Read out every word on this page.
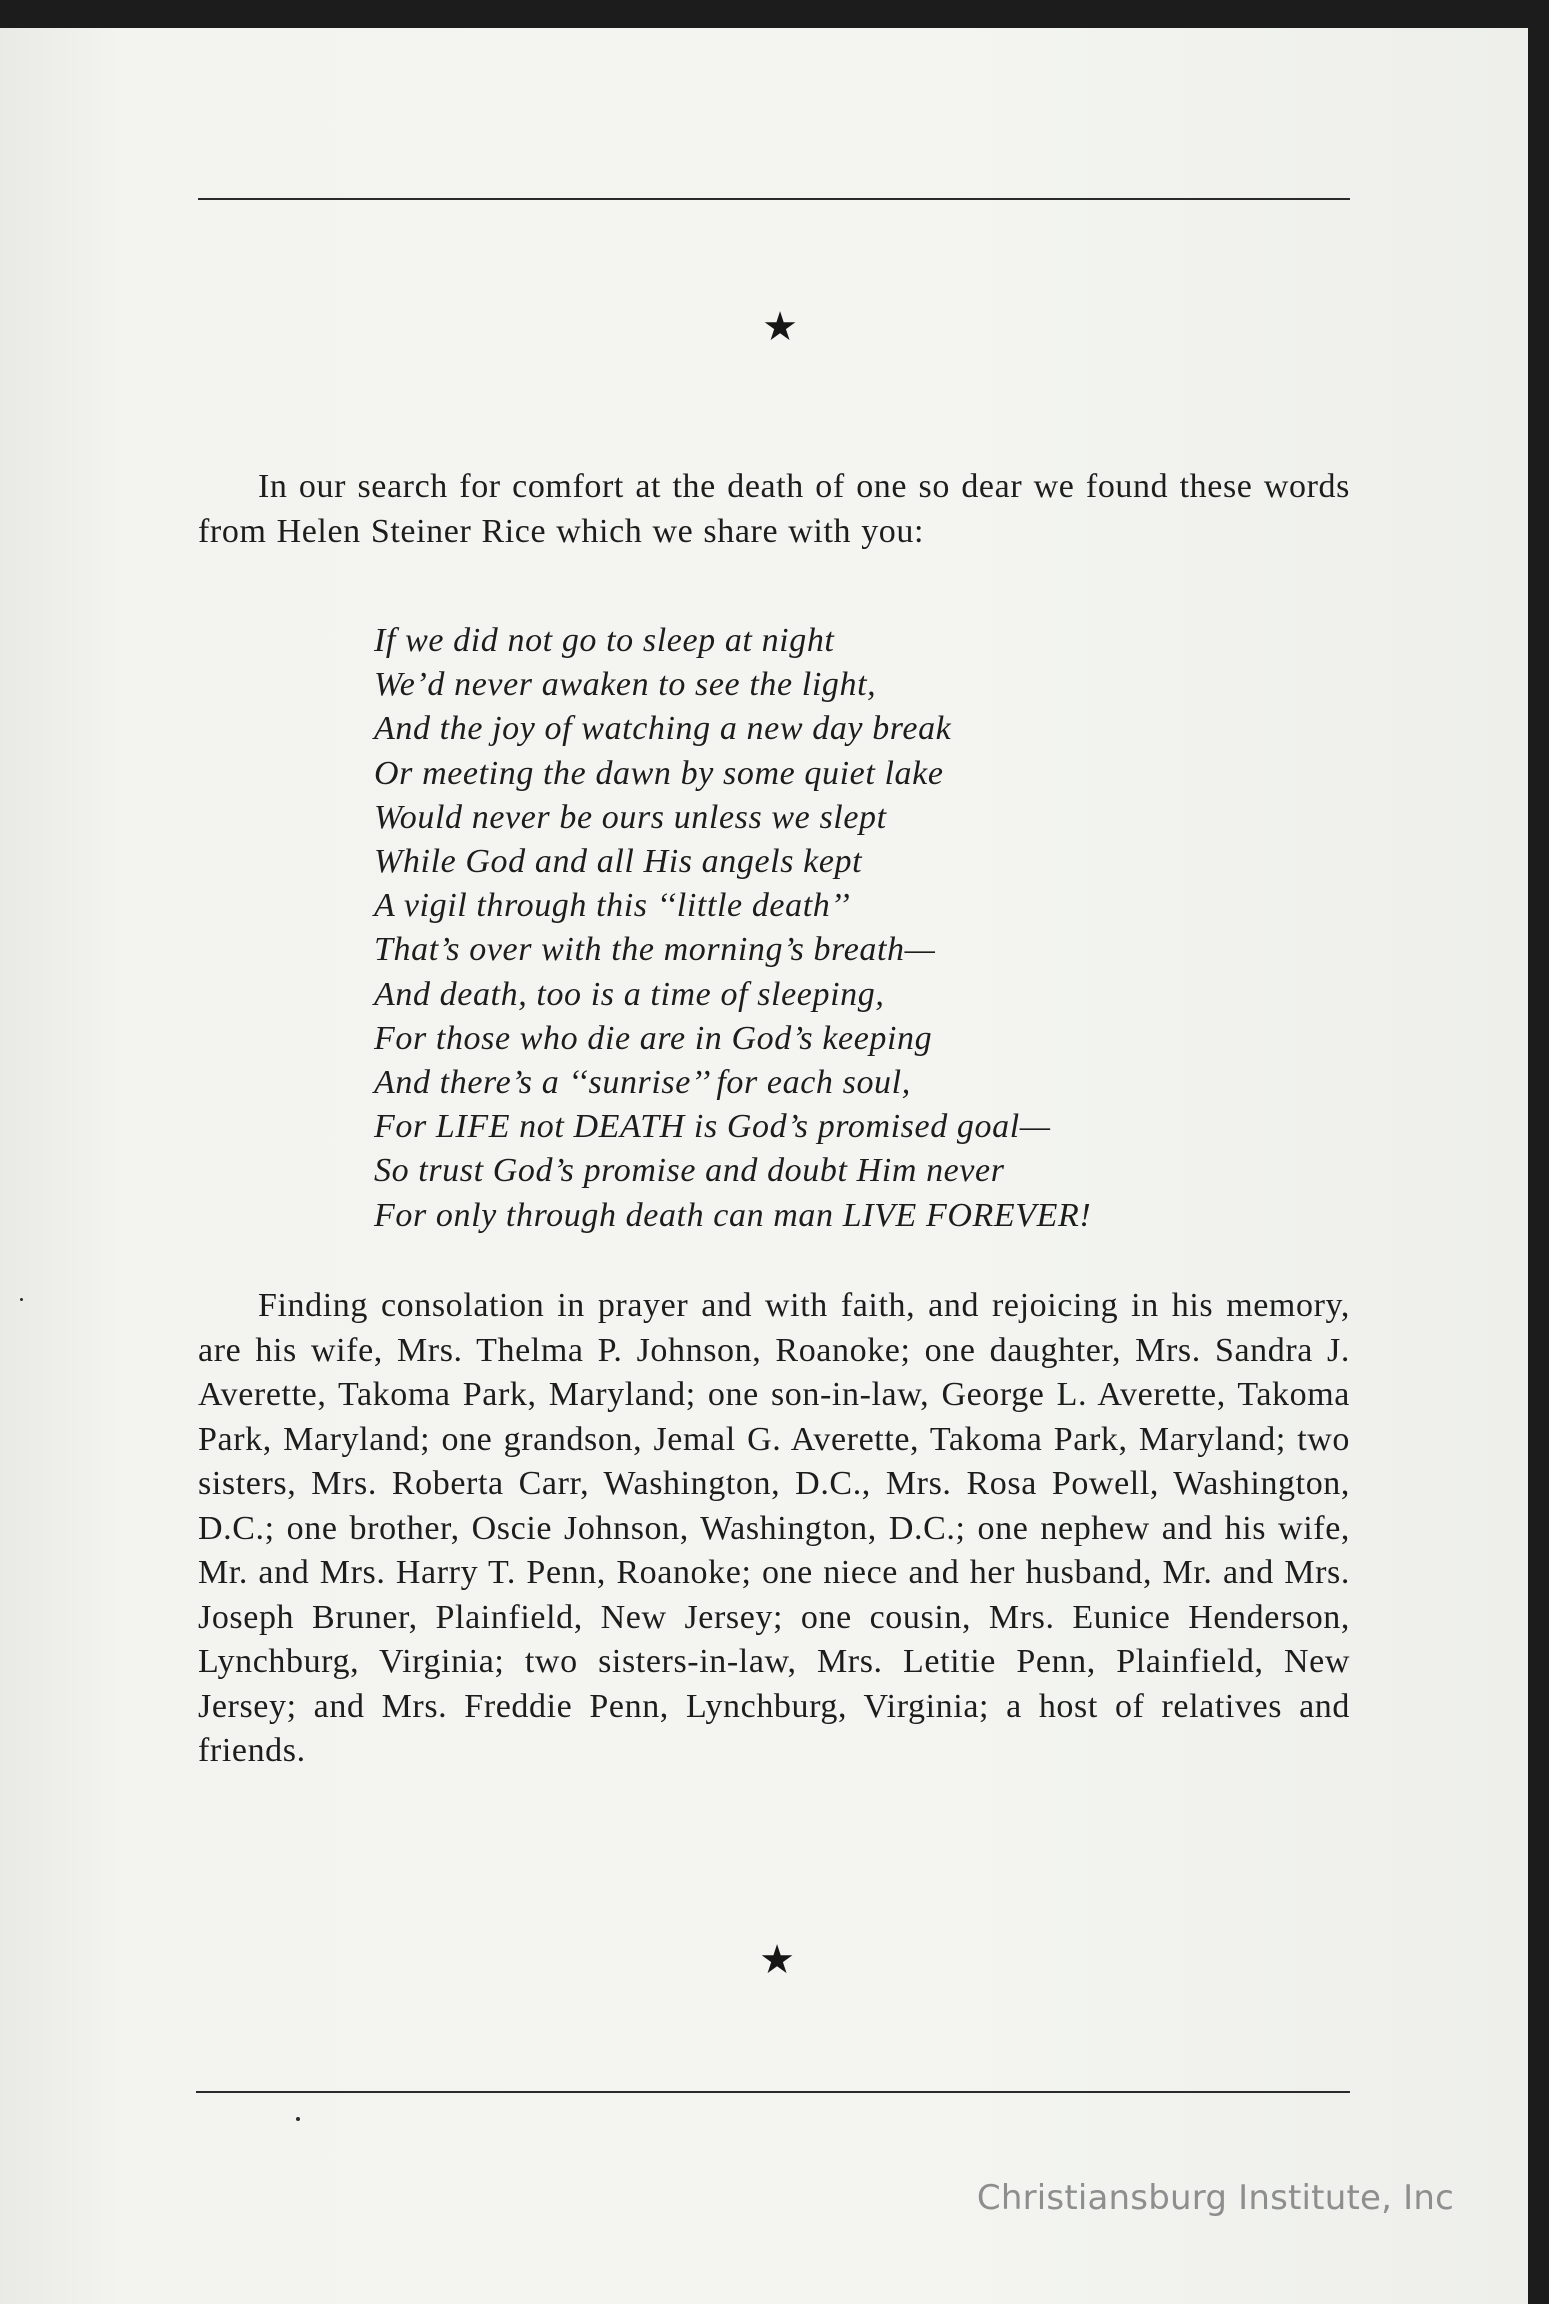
★

In our search for comfort at the death of one so dear we found these words from Helen Steiner Rice which we share with you:

If we did not go to sleep at night
We’d never awaken to see the light,
And the joy of watching a new day break
Or meeting the dawn by some quiet lake
Would never be ours unless we slept
While God and all His angels kept
A vigil through this ‘‘little death’’
That’s over with the morning’s breath—
And death, too is a time of sleeping,
For those who die are in God’s keeping
And there’s a ‘‘sunrise’’ for each soul,
For LIFE not DEATH is God’s promised goal—
So trust God’s promise and doubt Him never
For only through death can man LIVE FOREVER!

Finding consolation in prayer and with faith, and rejoicing in his memory, are his wife, Mrs. Thelma P. Johnson, Roanoke; one daughter, Mrs. Sandra J. Averette, Takoma Park, Maryland; one son-in-law, George L. Averette, Takoma Park, Maryland; one grandson, Jemal G. Averette, Takoma Park, Maryland; two sisters, Mrs. Roberta Carr, Washington, D.C., Mrs. Rosa Powell, Washington, D.C.; one brother, Oscie Johnson, Washington, D.C.; one nephew and his wife, Mr. and Mrs. Harry T. Penn, Roanoke; one niece and her husband, Mr. and Mrs. Joseph Bruner, Plainfield, New Jersey; one cousin, Mrs. Eunice Henderson, Lynchburg, Virginia; two sisters-in-law, Mrs. Letitie Penn, Plainfield, New Jersey; and Mrs. Freddie Penn, Lynchburg, Virginia; a host of relatives and friends.

★
Christiansburg Institute, Inc
